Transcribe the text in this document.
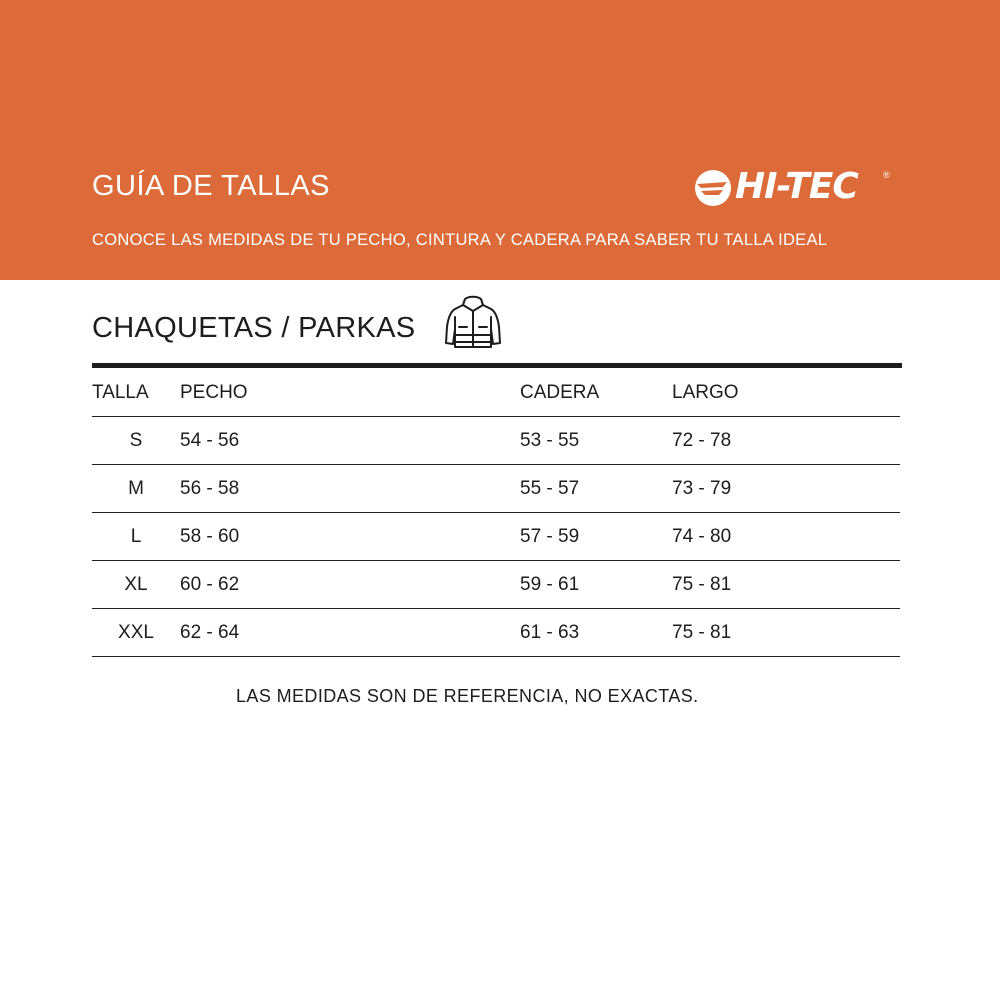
GUÍA DE TALLAS
CONOCE LAS MEDIDAS DE TU PECHO, CINTURA Y CADERA PARA SABER TU TALLA IDEAL
HI-TEC	®
CHAQUETAS / PARKAS
TALLA	PECHO	CADERA	LARGO
S	54 - 56	53 - 55	72 - 78
M	56 - 58	55 - 57	73 - 79
L	58 - 60	57 - 59	74 - 80
XL	60 - 62	59 - 61	75 - 81
XXL	62 - 64	61 - 63	75 - 81
LAS MEDIDAS SON DE REFERENCIA, NO EXACTAS.
